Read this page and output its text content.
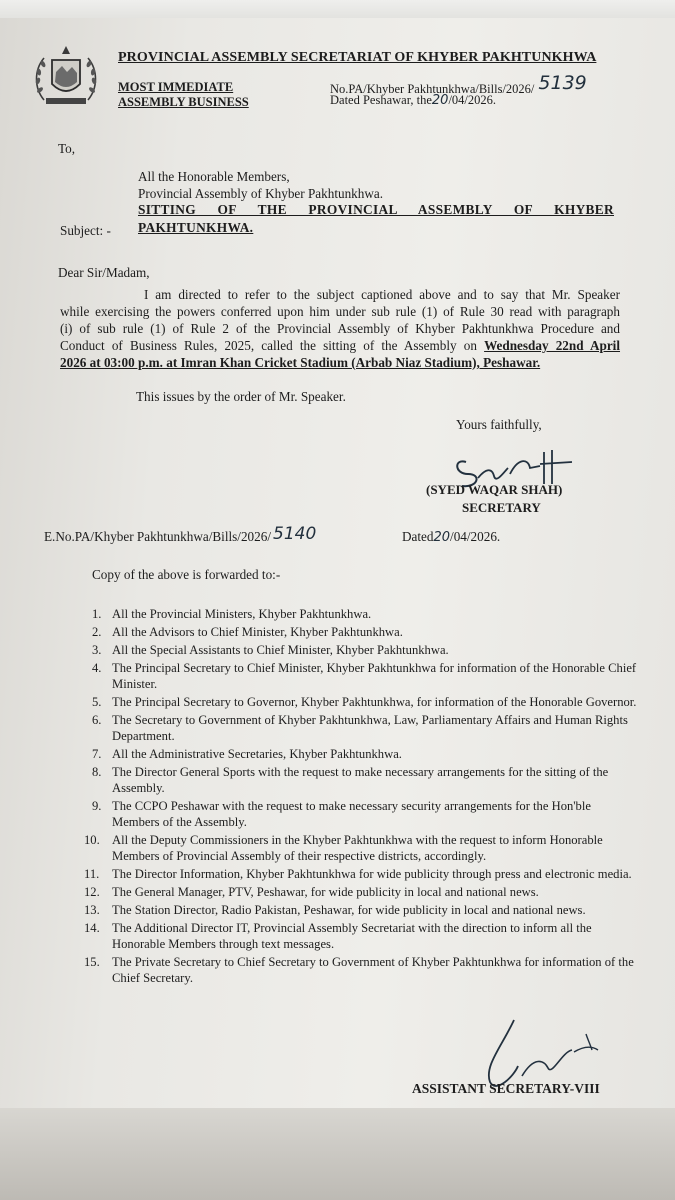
PROVINCIAL ASSEMBLY SECRETARIAT OF KHYBER PAKHTUNKHWA
MOST IMMEDIATE
ASSEMBLY BUSINESS
No.PA/Khyber Pakhtunkhwa/Bills/2026/ 5139
Dated Peshawar, the20/04/2026.
To,
All the Honorable Members,
Provincial Assembly of Khyber Pakhtunkhwa.
Subject: -
SITTING OF THE PROVINCIAL ASSEMBLY OF KHYBER
PAKHTUNKHWA.
Dear Sir/Madam,
I am directed to refer to the subject captioned above and to say that Mr. Speaker
while exercising the powers conferred upon him under sub rule (1) of Rule 30 read with paragraph
(i) of sub rule (1) of Rule 2 of the Provincial Assembly of Khyber Pakhtunkhwa Procedure and
Conduct of Business Rules, 2025, called the sitting of the Assembly on Wednesday 22nd April
2026 at 03:00 p.m. at Imran Khan Cricket Stadium (Arbab Niaz Stadium), Peshawar.
This issues by the order of Mr. Speaker.
Yours faithfully,
(SYED WAQAR SHAH)
SECRETARY
E.No.PA/Khyber Pakhtunkhwa/Bills/2026/ 5140	Dated20/04/2026.
Copy of the above is forwarded to:-
1. All the Provincial Ministers, Khyber Pakhtunkhwa.
2. All the Advisors to Chief Minister, Khyber Pakhtunkhwa.
3. All the Special Assistants to Chief Minister, Khyber Pakhtunkhwa.
4. The Principal Secretary to Chief Minister, Khyber Pakhtunkhwa for information of the Honorable Chief Minister.
5. The Principal Secretary to Governor, Khyber Pakhtunkhwa, for information of the Honorable Governor.
6. The Secretary to Government of Khyber Pakhtunkhwa, Law, Parliamentary Affairs and Human Rights Department.
7. All the Administrative Secretaries, Khyber Pakhtunkhwa.
8. The Director General Sports with the request to make necessary arrangements for the sitting of the Assembly.
9. The CCPO Peshawar with the request to make necessary security arrangements for the Hon'ble Members of the Assembly.
10. All the Deputy Commissioners in the Khyber Pakhtunkhwa with the request to inform Honorable Members of Provincial Assembly of their respective districts, accordingly.
11. The Director Information, Khyber Pakhtunkhwa for wide publicity through press and electronic media.
12. The General Manager, PTV, Peshawar, for wide publicity in local and national news.
13. The Station Director, Radio Pakistan, Peshawar, for wide publicity in local and national news.
14. The Additional Director IT, Provincial Assembly Secretariat with the direction to inform all the Honorable Members through text messages.
15. The Private Secretary to Chief Secretary to Government of Khyber Pakhtunkhwa for information of the Chief Secretary.
ASSISTANT SECRETARY-VIII
